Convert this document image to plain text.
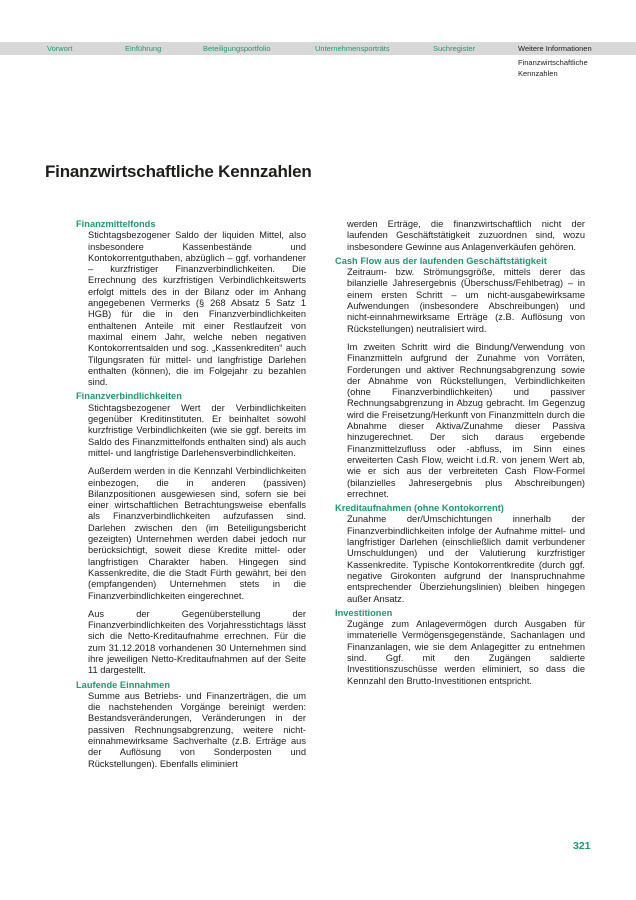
Vorwort	Einführung	Beteiligungsportfolio	Unternehmensporträts	Suchregister	Weitere Informationen
Finanzwirtschaftliche Kennzahlen
Finanzwirtschaftliche Kennzahlen
Finanzmittelfonds

Stichtagsbezogener Saldo der liquiden Mittel, also insbesondere Kassenbestände und Kontokorrentguthaben, abzüglich – ggf. vorhandener – kurzfristiger Finanzverbindlichkeiten. Die Errechnung des kurzfristigen Verbindlichkeitswerts erfolgt mittels des in der Bilanz oder im Anhang angegebenen Vermerks (§ 268 Absatz 5 Satz 1 HGB) für die in den Finanzverbindlichkeiten enthaltenen Anteile mit einer Restlaufzeit von maximal einem Jahr, welche neben negativen Kontokorrentsalden und sog. „Kassenkrediten“ auch Tilgungsraten für mittel- und langfristige Darlehen enthalten (können), die im Folgejahr zu bezahlen sind.

Finanzverbindlichkeiten

Stichtagsbezogener Wert der Verbindlichkeiten gegenüber Kreditinstituten. Er beinhaltet sowohl kurzfristige Verbindlichkeiten (wie sie ggf. bereits im Saldo des Finanzmittelfonds enthalten sind) als auch mittel- und langfristige Darlehensverbindlichkeiten.

Außerdem werden in die Kennzahl Verbindlichkeiten einbezogen, die in anderen (passiven) Bilanzpositionen ausgewiesen sind, sofern sie bei einer wirtschaftlichen Betrachtungsweise ebenfalls als Finanzverbindlichkeiten aufzufassen sind. Darlehen zwischen den (im Beteiligungsbericht gezeigten) Unternehmen werden dabei jedoch nur berücksichtigt, soweit diese Kredite mittel- oder langfristigen Charakter haben. Hingegen sind Kassenkredite, die die Stadt Fürth gewährt, bei den (empfangenden) Unternehmen stets in die Finanzverbindlichkeiten eingerechnet.

Aus der Gegenüberstellung der Finanzverbindlichkeiten des Vorjahresstichtags lässt sich die Netto-Kreditaufnahme errechnen. Für die zum 31.12.2018 vorhandenen 30 Unternehmen sind ihre jeweiligen Netto-Kreditaufnahmen auf der Seite 11 dargestellt.

Laufende Einnahmen

Summe aus Betriebs- und Finanzerträgen, die um die nachstehenden Vorgänge bereinigt werden: Bestandsveränderungen, Veränderungen in der passiven Rechnungsabgrenzung, weitere nicht-einnahmewirksame Sachverhalte (z.B. Erträge aus der Auflösung von Sonderposten und Rückstellungen). Ebenfalls eliminiert

werden Erträge, die finanzwirtschaftlich nicht der laufenden Geschäftstätigkeit zuzuordnen sind, wozu insbesondere Gewinne aus Anlagenverkäufen gehören.

Cash Flow aus der laufenden Geschäftstätigkeit

Zeitraum- bzw. Strömungsgröße, mittels derer das bilanzielle Jahresergebnis (Überschuss/Fehlbetrag) – in einem ersten Schritt – um nicht-ausgabewirksame Aufwendungen (insbesondere Abschreibungen) und nicht-einnahmewirksame Erträge (z.B. Auflösung von Rückstellungen) neutralisiert wird.

Im zweiten Schritt wird die Bindung/Verwendung von Finanzmitteln aufgrund der Zunahme von Vorräten, Forderungen und aktiver Rechnungsabgrenzung sowie der Abnahme von Rückstellungen, Verbindlichkeiten (ohne Finanzverbindlichkeiten) und passiver Rechnungsabgrenzung in Abzug gebracht. Im Gegenzug wird die Freisetzung/Herkunft von Finanzmitteln durch die Abnahme dieser Aktiva/Zunahme dieser Passiva hinzugerechnet. Der sich daraus ergebende Finanzmittelzufluss oder -abfluss, im Sinn eines erweiterten Cash Flow, weicht i.d.R. von jenem Wert ab, wie er sich aus der verbreiteten Cash Flow-Formel (bilanzielles Jahresergebnis plus Abschreibungen) errechnet.

Kreditaufnahmen (ohne Kontokorrent)

Zunahme der/Umschichtungen innerhalb der Finanzverbindlichkeiten infolge der Aufnahme mittel- und langfristiger Darlehen (einschließlich damit verbundener Umschuldungen) und der Valutierung kurzfristiger Kassenkredite. Typische Kontokorrentkredite (durch ggf. negative Girokonten aufgrund der Inanspruchnahme entsprechender Überziehungslinien) bleiben hingegen außer Ansatz.

Investitionen

Zugänge zum Anlagevermögen durch Ausgaben für immaterielle Vermögensgegenstände, Sachanlagen und Finanzanlagen, wie sie dem Anlagegitter zu entnehmen sind. Ggf. mit den Zugängen saldierte Investitionszuschüsse werden eliminiert, so dass die Kennzahl den Brutto-Investitionen entspricht.

321
